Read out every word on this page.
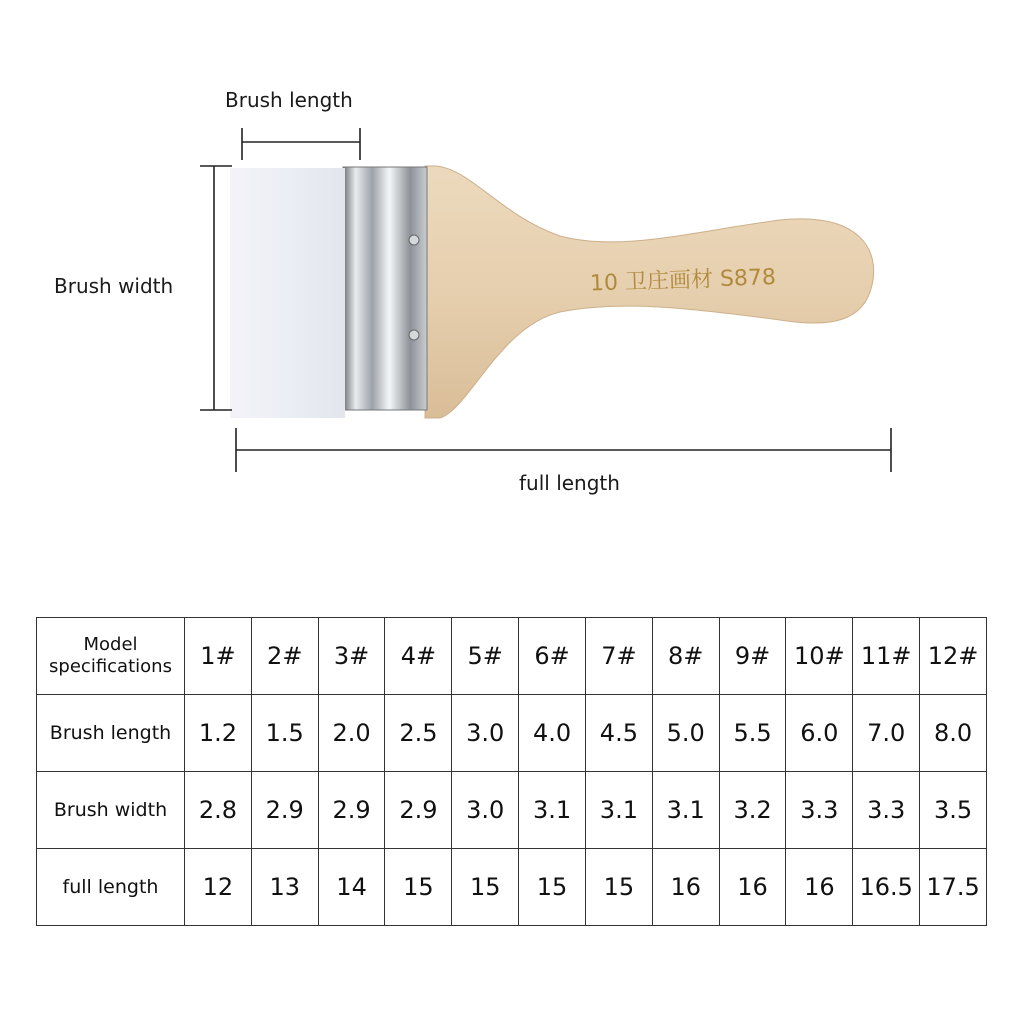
10 卫庄画材 S878
Brush length
Brush width
full length
Model
specifications	1#	2#	3#	4#	5#	6#	7#	8#	9#	10#	11#	12#
Brush length	1.2	1.5	2.0	2.5	3.0	4.0	4.5	5.0	5.5	6.0	7.0	8.0
Brush width	2.8	2.9	2.9	2.9	3.0	3.1	3.1	3.1	3.2	3.3	3.3	3.5
full length	12	13	14	15	15	15	15	16	16	16	16.5	17.5
